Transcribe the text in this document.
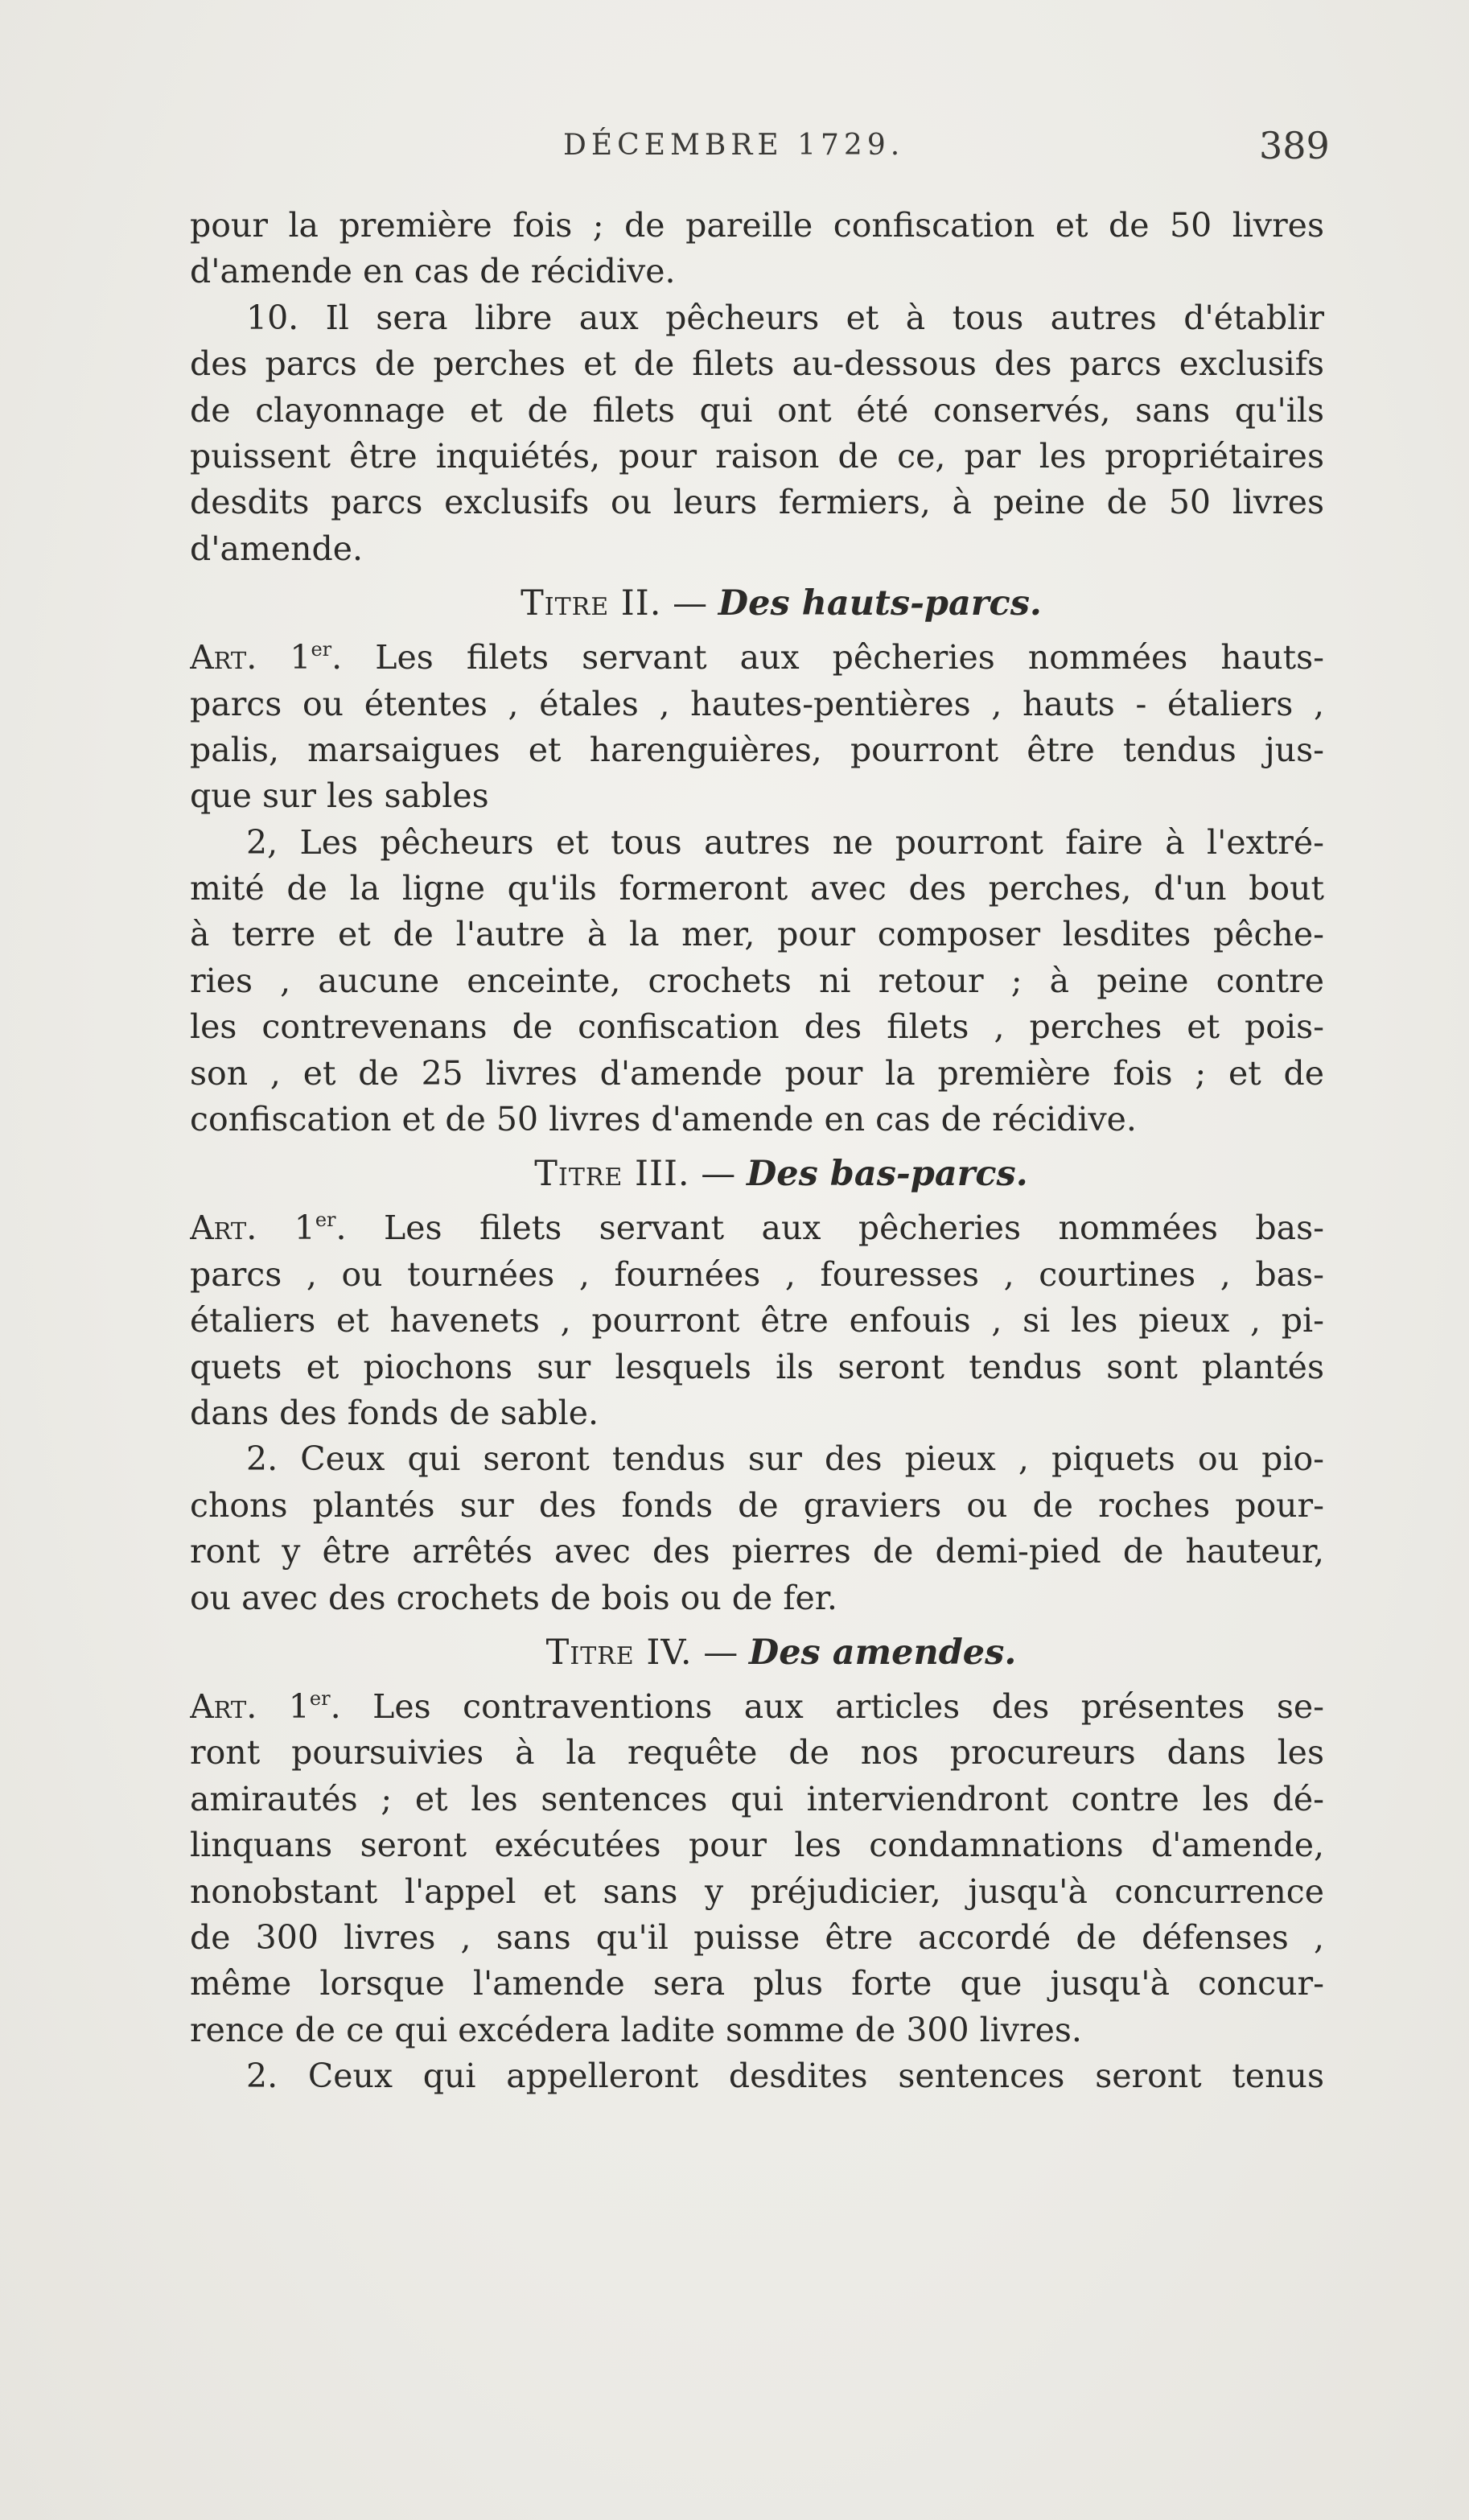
DÉCEMBRE 1729.	389
pour la première fois ; de pareille confiscation et de 50 livres
d'amende en cas de récidive.
10. Il sera libre aux pêcheurs et à tous autres d'établir
des parcs de perches et de filets au-dessous des parcs exclusifs
de clayonnage et de filets qui ont été conservés, sans qu'ils
puissent être inquiétés, pour raison de ce, par les propriétaires
desdits parcs exclusifs ou leurs fermiers, à peine de 50 livres
d'amende.
Titre II. — Des hauts-parcs.
Art. 1er. Les filets servant aux pêcheries nommées hauts-
parcs ou étentes , étales , hautes-pentières , hauts - étaliers ,
palis, marsaigues et harenguières, pourront être tendus jus-
que sur les sables
2, Les pêcheurs et tous autres ne pourront faire à l'extré-
mité de la ligne qu'ils formeront avec des perches, d'un bout
à terre et de l'autre à la mer, pour composer lesdites pêche-
ries , aucune enceinte, crochets ni retour ; à peine contre
les contrevenans de confiscation des filets , perches et pois-
son , et de 25 livres d'amende pour la première fois ; et de
confiscation et de 50 livres d'amende en cas de récidive.
Titre III. — Des bas-parcs.
Art. 1er. Les filets servant aux pêcheries nommées bas-
parcs , ou tournées , fournées , fouresses , courtines , bas-
étaliers et havenets , pourront être enfouis , si les pieux , pi-
quets et piochons sur lesquels ils seront tendus sont plantés
dans des fonds de sable.
2. Ceux qui seront tendus sur des pieux , piquets ou pio-
chons plantés sur des fonds de graviers ou de roches pour-
ront y être arrêtés avec des pierres de demi-pied de hauteur,
ou avec des crochets de bois ou de fer.
Titre IV. — Des amendes.
Art. 1er. Les contraventions aux articles des présentes se-
ront poursuivies à la requête de nos procureurs dans les
amirautés ; et les sentences qui interviendront contre les dé-
linquans seront exécutées pour les condamnations d'amende,
nonobstant l'appel et sans y préjudicier, jusqu'à concurrence
de 300 livres , sans qu'il puisse être accordé de défenses ,
même lorsque l'amende sera plus forte que jusqu'à concur-
rence de ce qui excédera ladite somme de 300 livres.
2. Ceux qui appelleront desdites sentences seront tenus
